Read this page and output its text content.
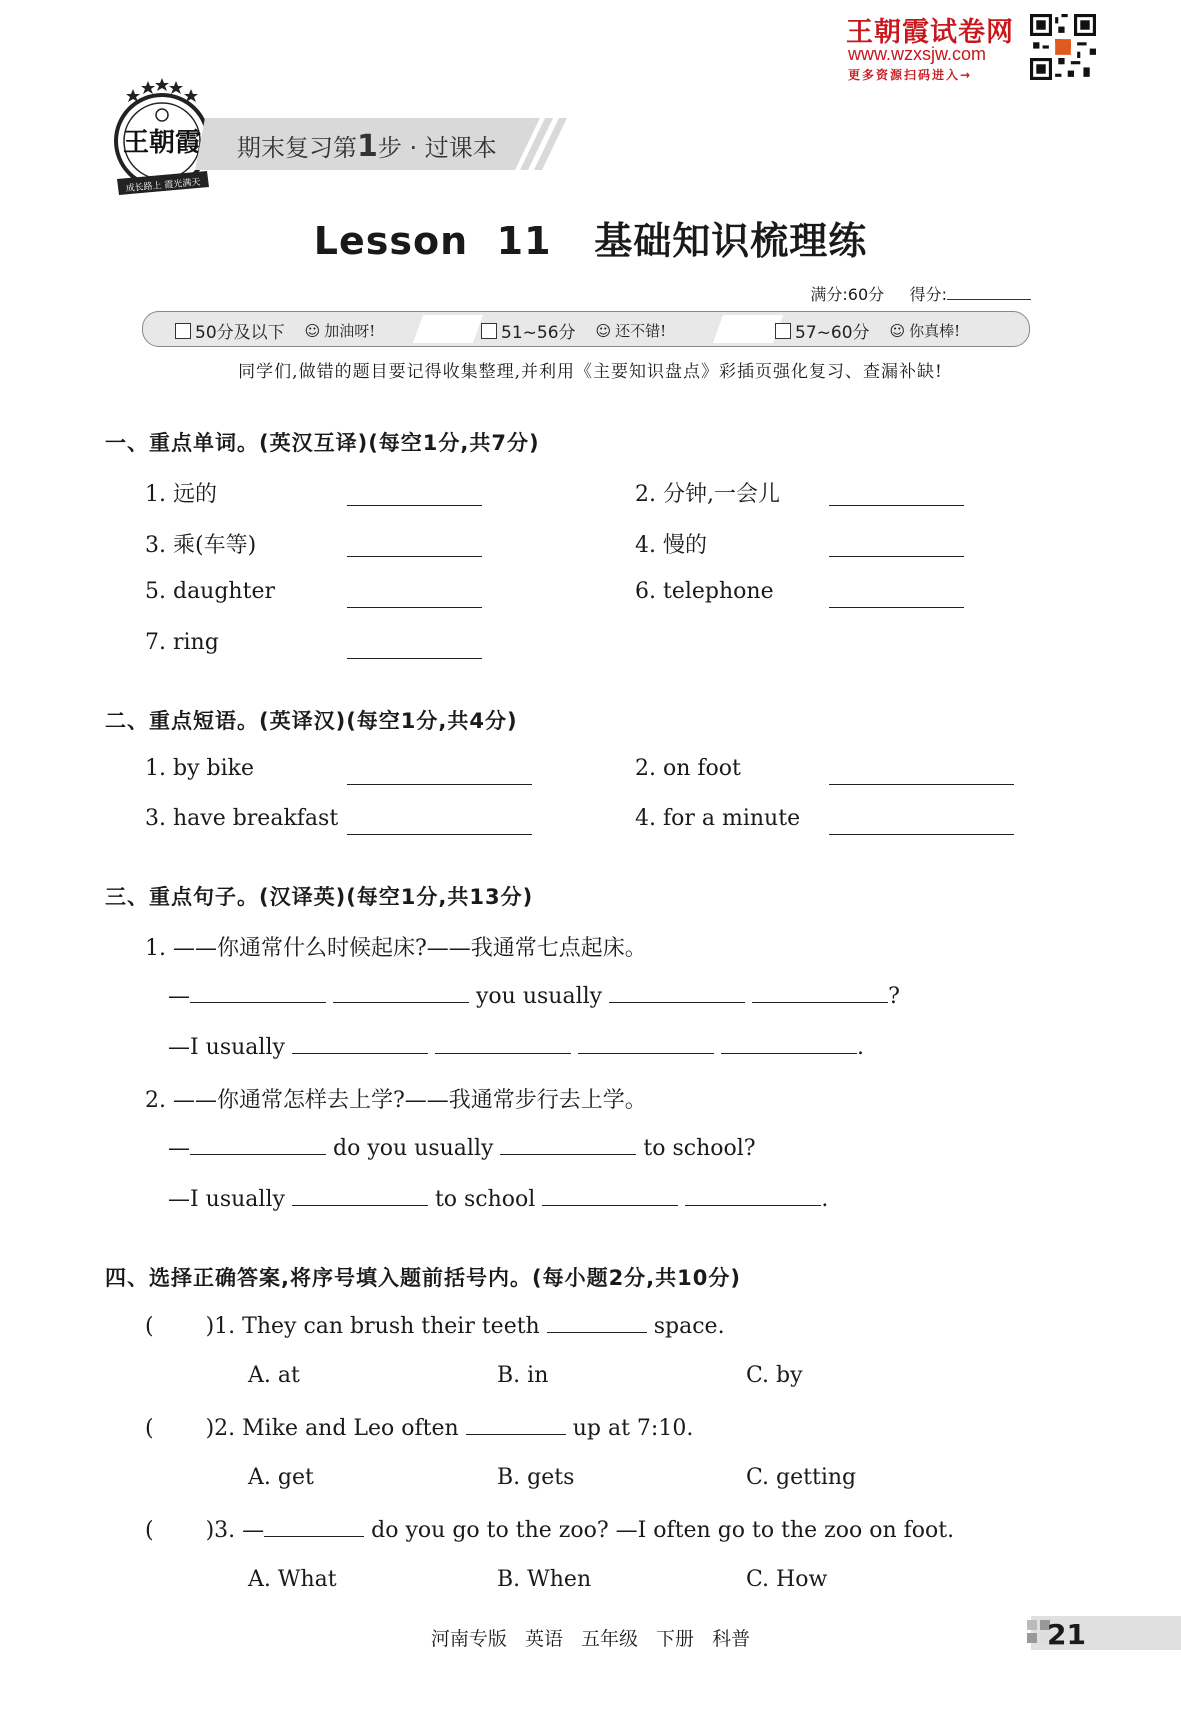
王朝霞试卷网
www.wzxsjw.com
更多资源扫码进入→
王朝霞
成长路上 霞光满天
期末复习第1步 · 过课本
Lesson  11   基础知识梳理练
满分:60分 得分:
50分及以下 ☺ 加油呀!	51~56分 ☺ 还不错!	57~60分 ☺ 你真棒!
同学们,做错的题目要记得收集整理,并利用《主要知识盘点》彩插页强化复习、查漏补缺!
一、重点单词。(英汉互译)(每空1分,共7分)
1. 远的	2. 分钟,一会儿
3. 乘(车等)	4. 慢的
5. daughter	6. telephone
7. ring
二、重点短语。(英译汉)(每空1分,共4分)
1. by bike	2. on foot
3. have breakfast	4. for a minute
三、重点句子。(汉译英)(每空1分,共13分)
1. ——你通常什么时候起床?——我通常七点起床。
—	you usually	?
—I usually	.
2. ——你通常怎样去上学?——我通常步行去上学。
—	do you usually	to school?
—I usually	to school	.
四、选择正确答案,将序号填入题前括号内。(每小题2分,共10分)
( )1. They can brush their teeth	space.
A. at	B. in	C. by
( )2. Mike and Leo often	up at 7:10.
A. get	B. gets	C. getting
( )3. —	do you go to the zoo? —I often go to the zoo on foot.
A. What	B. When	C. How
河南专版 英语 五年级 下册 科普	21
